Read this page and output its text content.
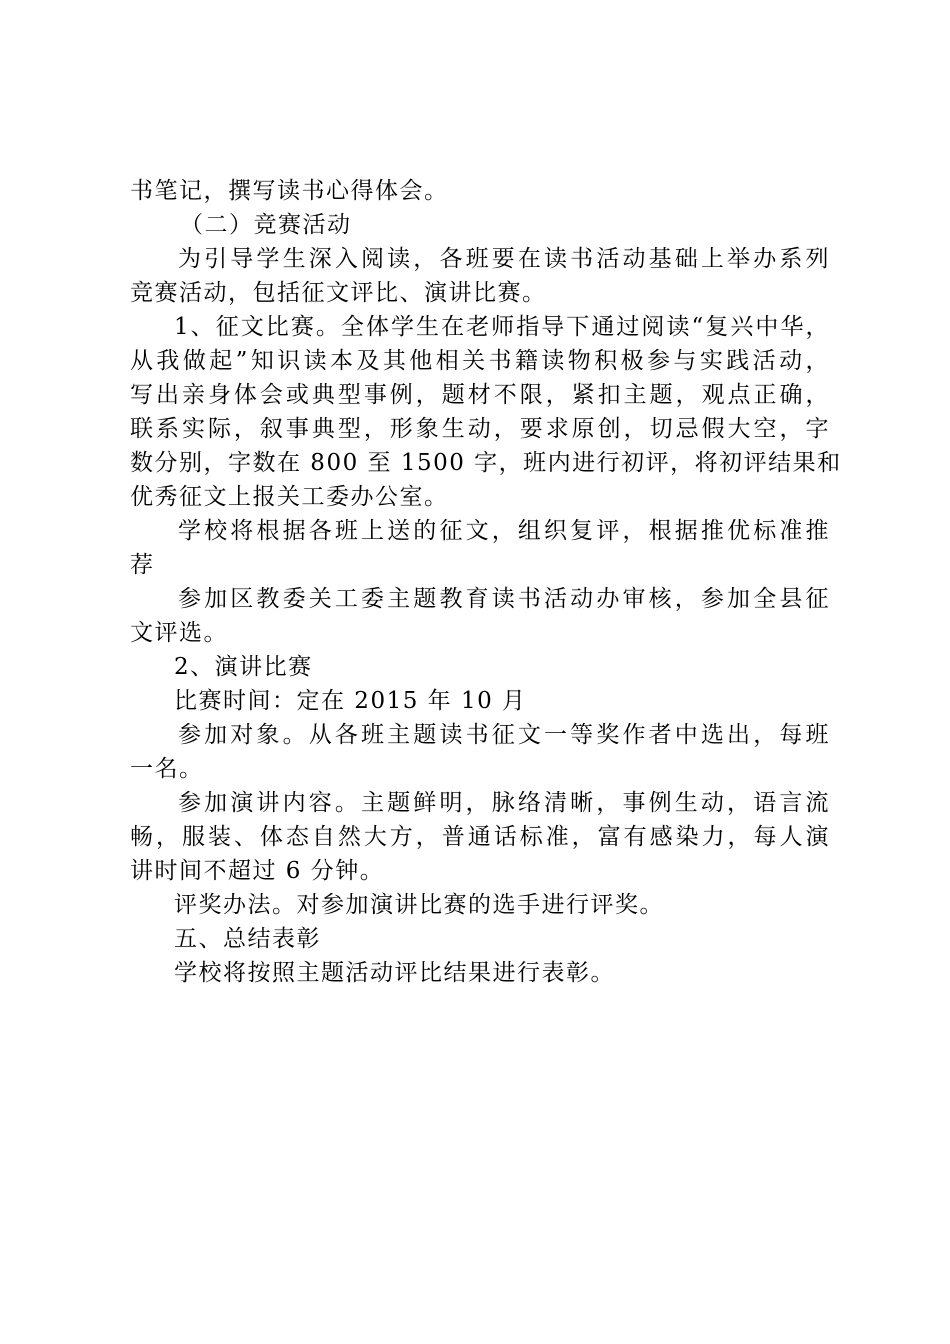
书笔记，撰写读书心得体会。
（二）竞赛活动
为引导学生深入阅读，各班要在读书活动基础上举办系列
竞赛活动，包括征文评比、演讲比赛。
1、征文比赛。全体学生在老师指导下通过阅读“复兴中华，
从我做起”知识读本及其他相关书籍读物积极参与实践活动，
写出亲身体会或典型事例，题材不限，紧扣主题，观点正确，
联系实际，叙事典型，形象生动，要求原创，切忌假大空，字
数分别，字数在 800 至 1500 字，班内进行初评，将初评结果和
优秀征文上报关工委办公室。
学校将根据各班上送的征文，组织复评，根据推优标准推
荐
参加区教委关工委主题教育读书活动办审核，参加全县征
文评选。
2、演讲比赛
比赛时间：定在 2015 年 10 月
参加对象。从各班主题读书征文一等奖作者中选出，每班
一名。
参加演讲内容。主题鲜明，脉络清晰，事例生动，语言流
畅，服装、体态自然大方，普通话标准，富有感染力，每人演
讲时间不超过 6 分钟。
评奖办法。对参加演讲比赛的选手进行评奖。
五、总结表彰
学校将按照主题活动评比结果进行表彰。
